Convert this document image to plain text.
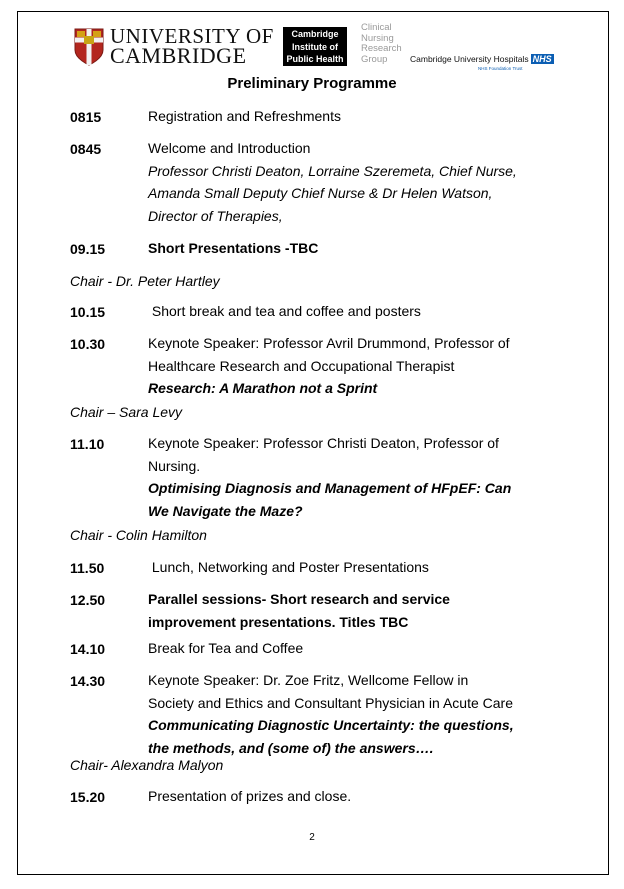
UNIVERSITY OF
CAMBRIDGE
Cambridge
Institute of
Public Health
Clinical
Nursing
Research
Group	Cambridge University Hospitals NHS
NHS Foundation Trust
Preliminary Programme
0815	Registration and Refreshments
0845	Welcome and Introduction
Professor Christi Deaton, Lorraine Szeremeta, Chief Nurse,
Amanda Small Deputy Chief Nurse & Dr Helen Watson,
Director of Therapies,
09.15	Short Presentations -TBC
Chair - Dr. Peter Hartley
10.15	Short break and tea and coffee and posters
10.30	Keynote Speaker: Professor Avril Drummond, Professor of
Healthcare Research and Occupational Therapist
Research: A Marathon not a Sprint
Chair – Sara Levy
11.10	Keynote Speaker: Professor Christi Deaton, Professor of
Nursing.
Optimising Diagnosis and Management of HFpEF: Can
We Navigate the Maze?
Chair - Colin Hamilton
11.50	Lunch, Networking and Poster Presentations
12.50	Parallel sessions- Short research and service
improvement presentations. Titles TBC
14.10	Break for Tea and Coffee
14.30	Keynote Speaker: Dr. Zoe Fritz, Wellcome Fellow in
Society and Ethics and Consultant Physician in Acute Care
Communicating Diagnostic Uncertainty: the questions,
the methods, and (some of) the answers….
Chair- Alexandra Malyon
15.20	Presentation of prizes and close.
2
